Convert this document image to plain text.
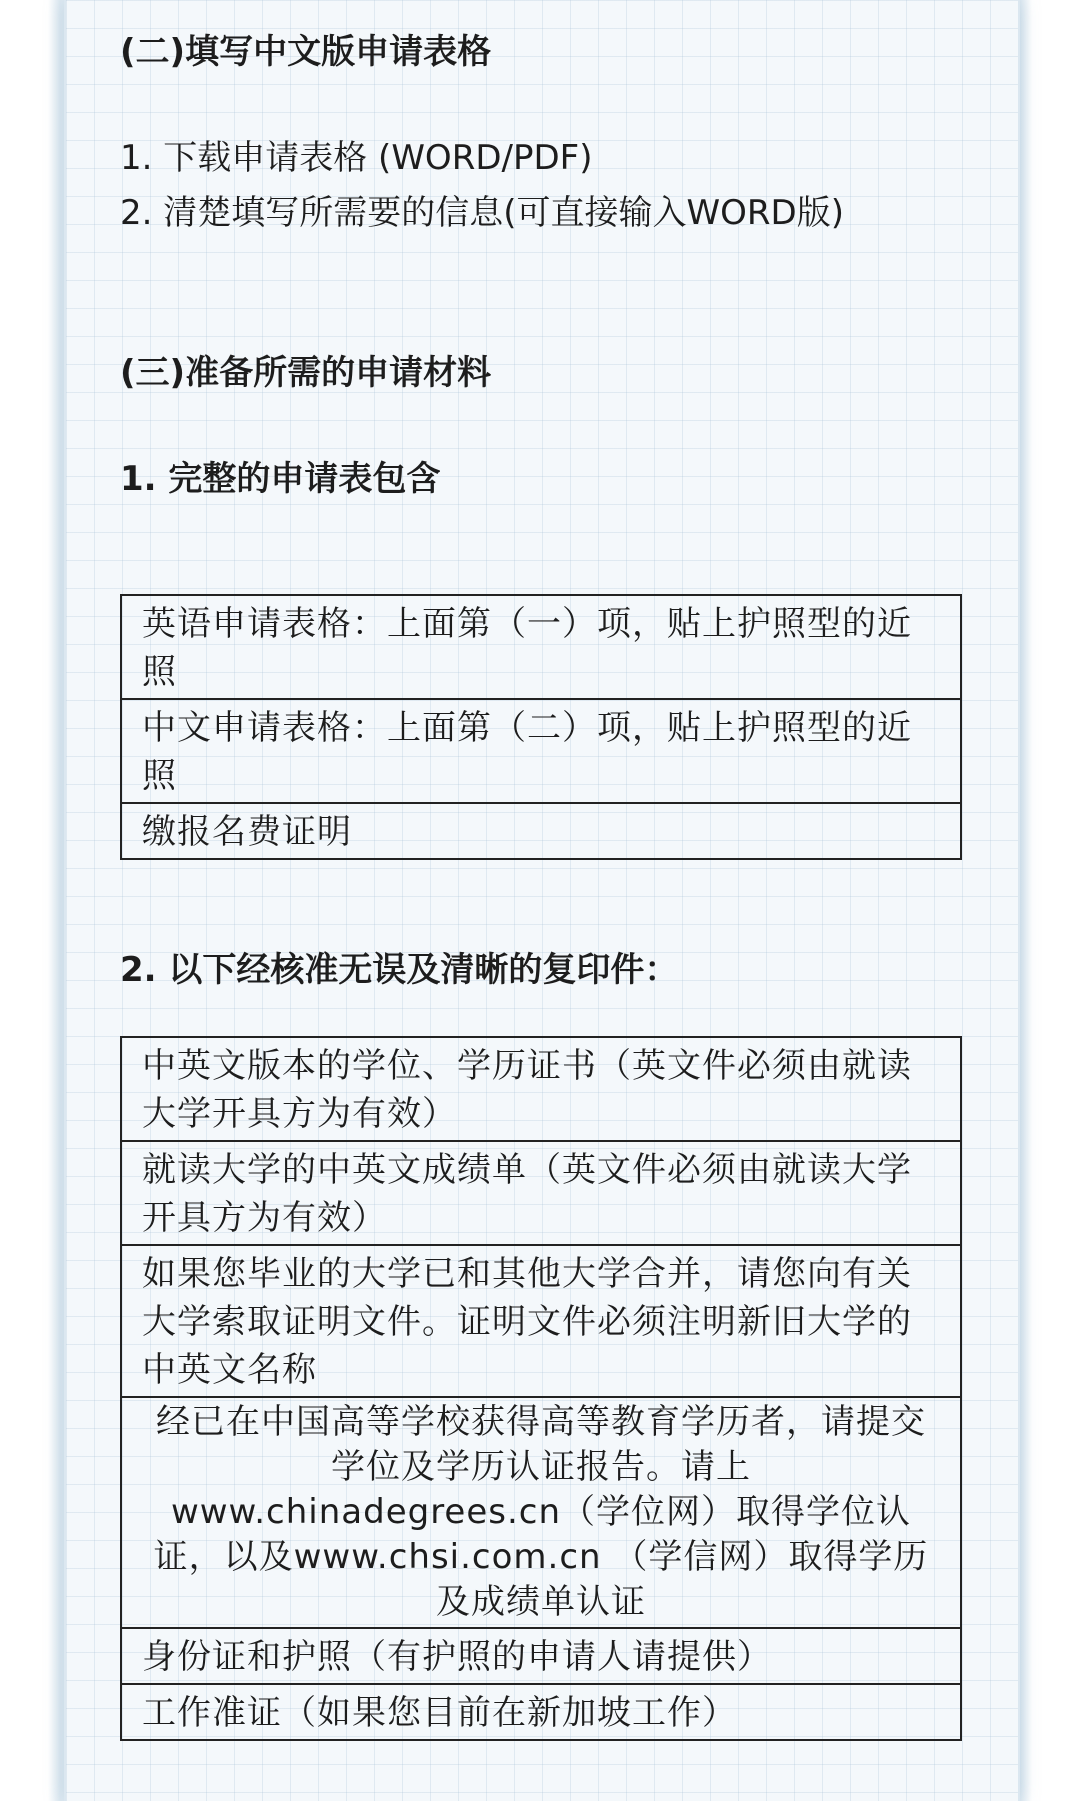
(二)填写中文版申请表格

1. 下载申请表格 (WORD/PDF)

2. 清楚填写所需要的信息(可直接输入WORD版)

(三)准备所需的申请材料
1. 完整的申请表包含
英语申请表格：上面第（一）项，贴上护照型的近照
中文申请表格：上面第（二）项，贴上护照型的近照
缴报名费证明
2. 以下经核准无误及清晰的复印件：
中英文版本的学位、学历证书（英文件必须由就读大学开具方为有效）
就读大学的中英文成绩单（英文件必须由就读大学开具方为有效）
如果您毕业的大学已和其他大学合并，请您向有关大学索取证明文件。证明文件必须注明新旧大学的中英文名称
经已在中国高等学校获得高等教育学历者，请提交学位及学历认证报告。请上www.chinadegrees.cn（学位网）取得学位认证，以及www.chsi.com.cn （学信网）取得学历及成绩单认证
身份证和护照（有护照的申请人请提供）
工作准证（如果您目前在新加坡工作）
